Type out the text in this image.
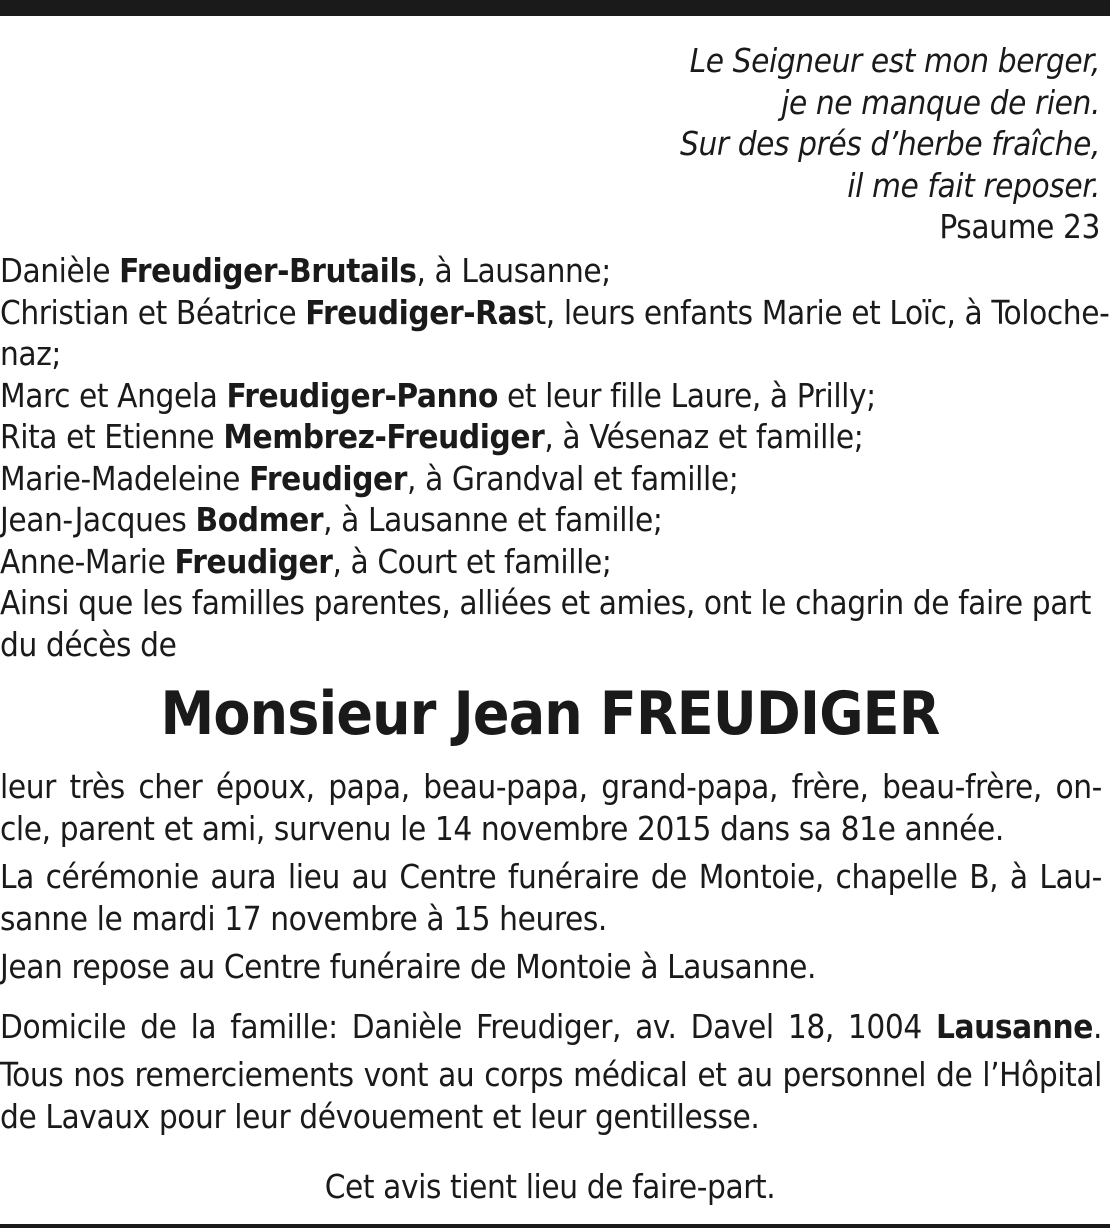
Le Seigneur est mon berger,
je ne manque de rien.
Sur des prés d’herbe fraîche,
il me fait reposer.
Psaume 23
Danièle Freudiger-Brutails, à Lausanne;
Christian et Béatrice Freudiger-Rast, leurs enfants Marie et Loïc, à Toloche-
naz;
Marc et Angela Freudiger-Panno et leur fille Laure, à Prilly;
Rita et Etienne Membrez-Freudiger, à Vésenaz et famille;
Marie-Madeleine Freudiger, à Grandval et famille;
Jean-Jacques Bodmer, à Lausanne et famille;
Anne-Marie Freudiger, à Court et famille;
Ainsi que les familles parentes, alliées et amies, ont le chagrin de faire part
du décès de
Monsieur Jean FREUDIGER
leur très cher époux, papa, beau-papa, grand-papa, frère, beau-frère, on-
cle, parent et ami, survenu le 14 novembre 2015 dans sa 81e année.
La cérémonie aura lieu au Centre funéraire de Montoie, chapelle B, à Lau-
sanne le mardi 17 novembre à 15 heures.
Jean repose au Centre funéraire de Montoie à Lausanne.
Domicile de la famille: Danièle Freudiger, av. Davel 18, 1004 Lausanne.
Tous nos remerciements vont au corps médical et au personnel de l’Hôpital
de Lavaux pour leur dévouement et leur gentillesse.
Cet avis tient lieu de faire-part.
